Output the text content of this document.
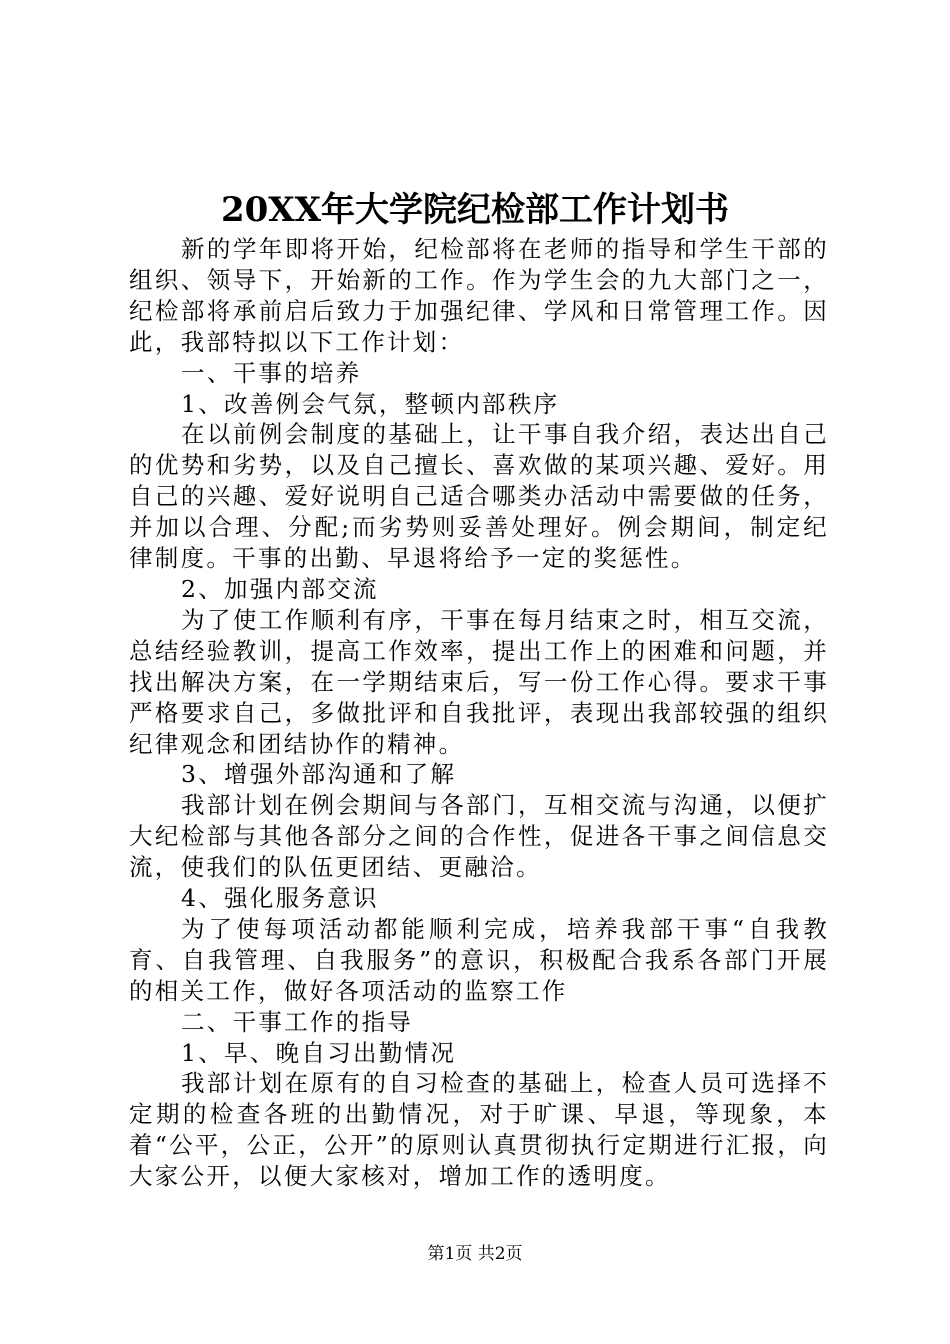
20XX年大学院纪检部工作计划书

新的学年即将开始，纪检部将在老师的指导和学生干部的组织、领导下，开始新的工作。作为学生会的九大部门之一，纪检部将承前启后致力于加强纪律、学风和日常管理工作。因此，我部特拟以下工作计划：

一、干事的培养

1、改善例会气氛，整顿内部秩序

在以前例会制度的基础上，让干事自我介绍，表达出自己的优势和劣势，以及自己擅长、喜欢做的某项兴趣、爱好。用自己的兴趣、爱好说明自己适合哪类办活动中需要做的任务，并加以合理、分配;而劣势则妥善处理好。例会期间，制定纪律制度。干事的出勤、早退将给予一定的奖惩性。

2、加强内部交流

为了使工作顺利有序，干事在每月结束之时，相互交流，总结经验教训，提高工作效率，提出工作上的困难和问题，并找出解决方案，在一学期结束后，写一份工作心得。要求干事严格要求自己，多做批评和自我批评，表现出我部较强的组织纪律观念和团结协作的精神。

3、增强外部沟通和了解

我部计划在例会期间与各部门，互相交流与沟通，以便扩大纪检部与其他各部分之间的合作性，促进各干事之间信息交流，使我们的队伍更团结、更融洽。

4、强化服务意识

为了使每项活动都能顺利完成，培养我部干事“自我教育、自我管理、自我服务”的意识，积极配合我系各部门开展的相关工作，做好各项活动的监察工作

二、干事工作的指导

1、早、晚自习出勤情况

我部计划在原有的自习检查的基础上，检查人员可选择不定期的检查各班的出勤情况，对于旷课、早退，等现象，本着“公平，公正，公开”的原则认真贯彻执行定期进行汇报，向大家公开，以便大家核对，增加工作的透明度。

第1页 共2页
